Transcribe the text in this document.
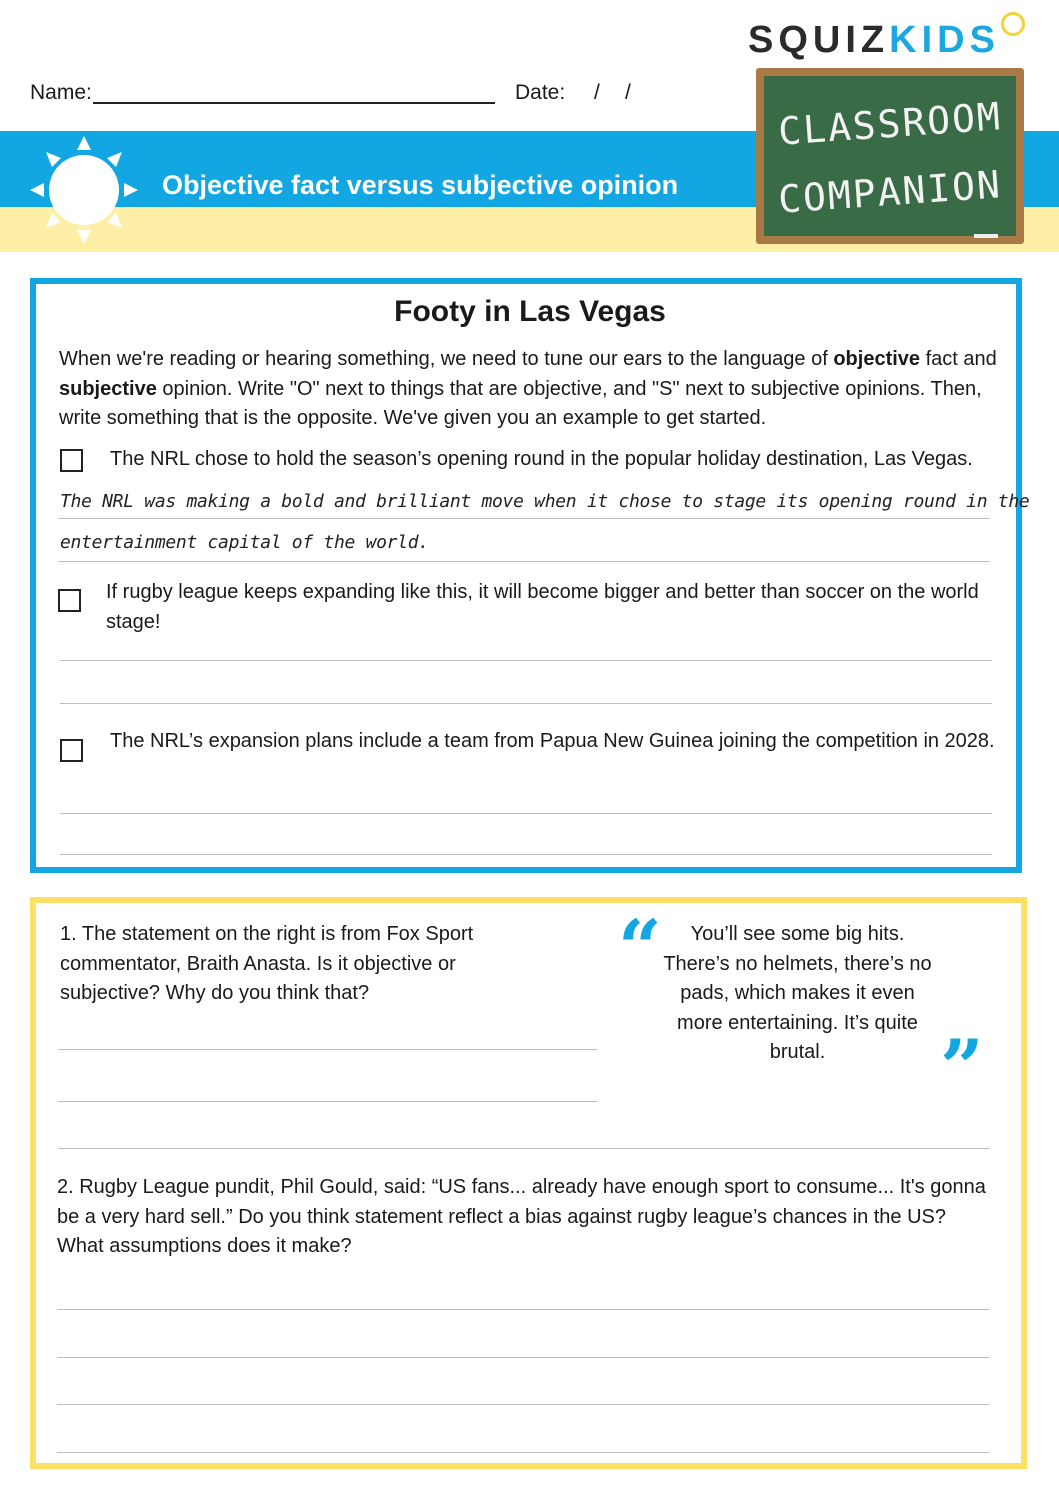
SQUIZKIDS
Name:	Date: / /
Objective fact versus subjective opinion
CLASSROOM
COMPANION
Footy in Las Vegas
When we're reading or hearing something, we need to tune our ears to the language of objective fact and subjective opinion. Write "O" next to things that are objective, and "S" next to subjective opinions. Then, write something that is the opposite. We've given you an example to get started.
The NRL chose to hold the season’s opening round in the popular holiday destination, Las Vegas.
The NRL was making a bold and brilliant move when it chose to stage its opening round in the
entertainment capital of the world.
If rugby league keeps expanding like this, it will become bigger and better than soccer on the world stage!
The NRL’s expansion plans include a team from Papua New Guinea joining the competition in 2028.
1. The statement on the right is from Fox Sport commentator, Braith Anasta. Is it objective or subjective? Why do you think that?
“	You’ll see some big hits. There’s no helmets, there’s no pads, which makes it even more entertaining. It’s quite brutal.	”
2. Rugby League pundit, Phil Gould, said: “US fans... already have enough sport to consume... It's gonna be a very hard sell.” Do you think statement reflect a bias against rugby league’s chances in the US? What assumptions does it make?
